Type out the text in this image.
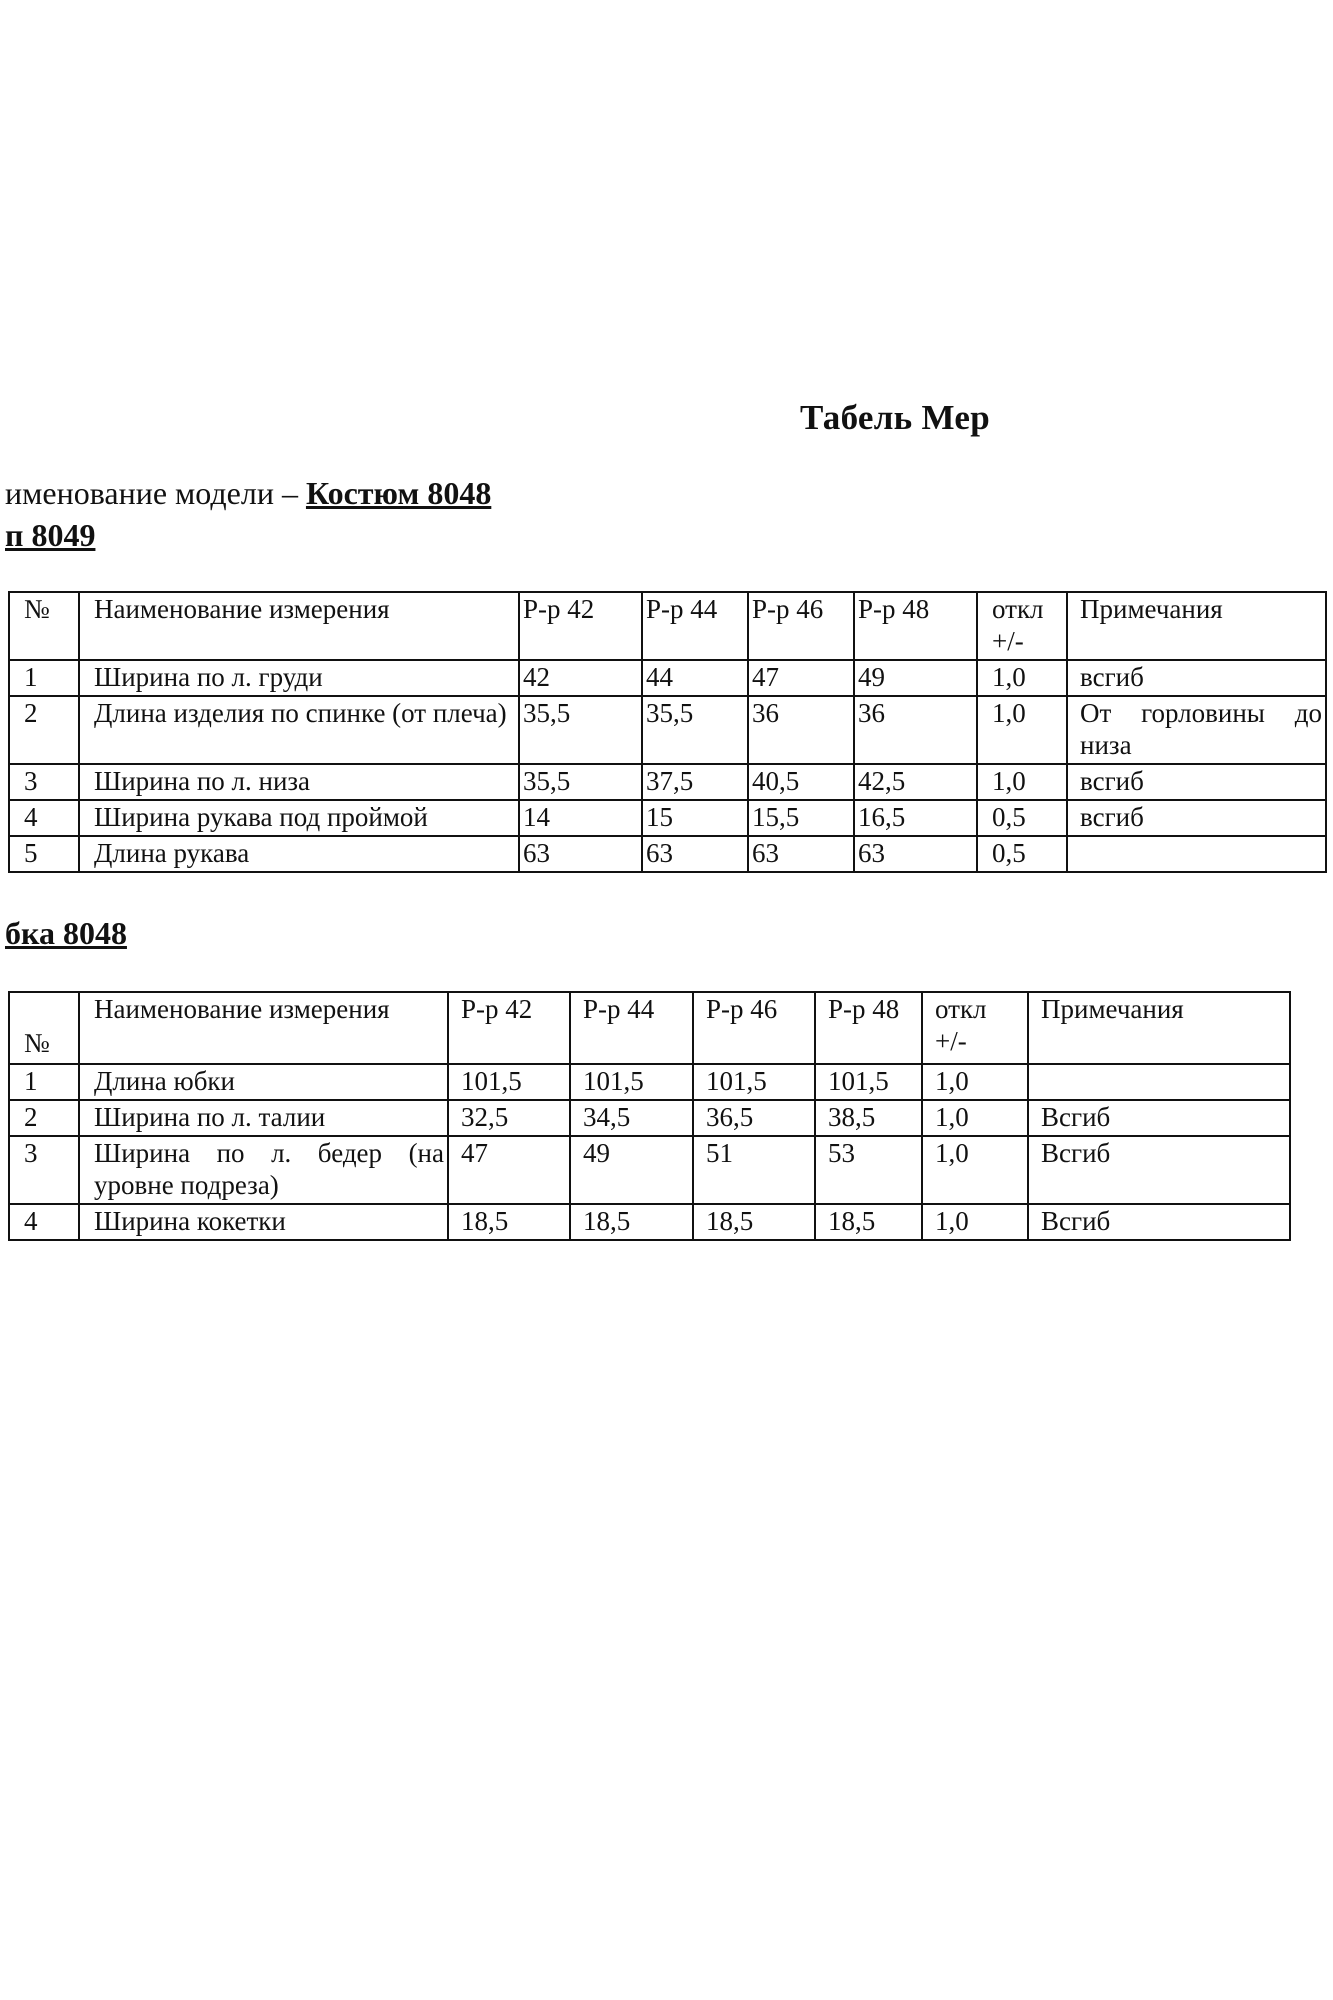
Табель Мер
именование модели – Костюм 8048
п 8049
№	Наименование измерения	Р-р 42	Р-р 44	Р-р 46	Р-р 48	откл +/-	Примечания
1	Ширина по л. груди	42	44	47	49	1,0	всгиб
2	Длина изделия по спинке (от плеча)	35,5	35,5	36	36	1,0	От горловины до низа
3	Ширина по л. низа	35,5	37,5	40,5	42,5	1,0	всгиб
4	Ширина рукава под проймой	14	15	15,5	16,5	0,5	всгиб
5	Длина рукава	63	63	63	63	0,5	
бка 8048
№	Наименование измерения	Р-р 42	Р-р 44	Р-р 46	Р-р 48	откл +/-	Примечания
1	Длина юбки	101,5	101,5	101,5	101,5	1,0	
2	Ширина по л. талии	32,5	34,5	36,5	38,5	1,0	Всгиб
3	Ширина по л. бедер (на уровне подреза)	47	49	51	53	1,0	Всгиб
4	Ширина кокетки	18,5	18,5	18,5	18,5	1,0	Всгиб
